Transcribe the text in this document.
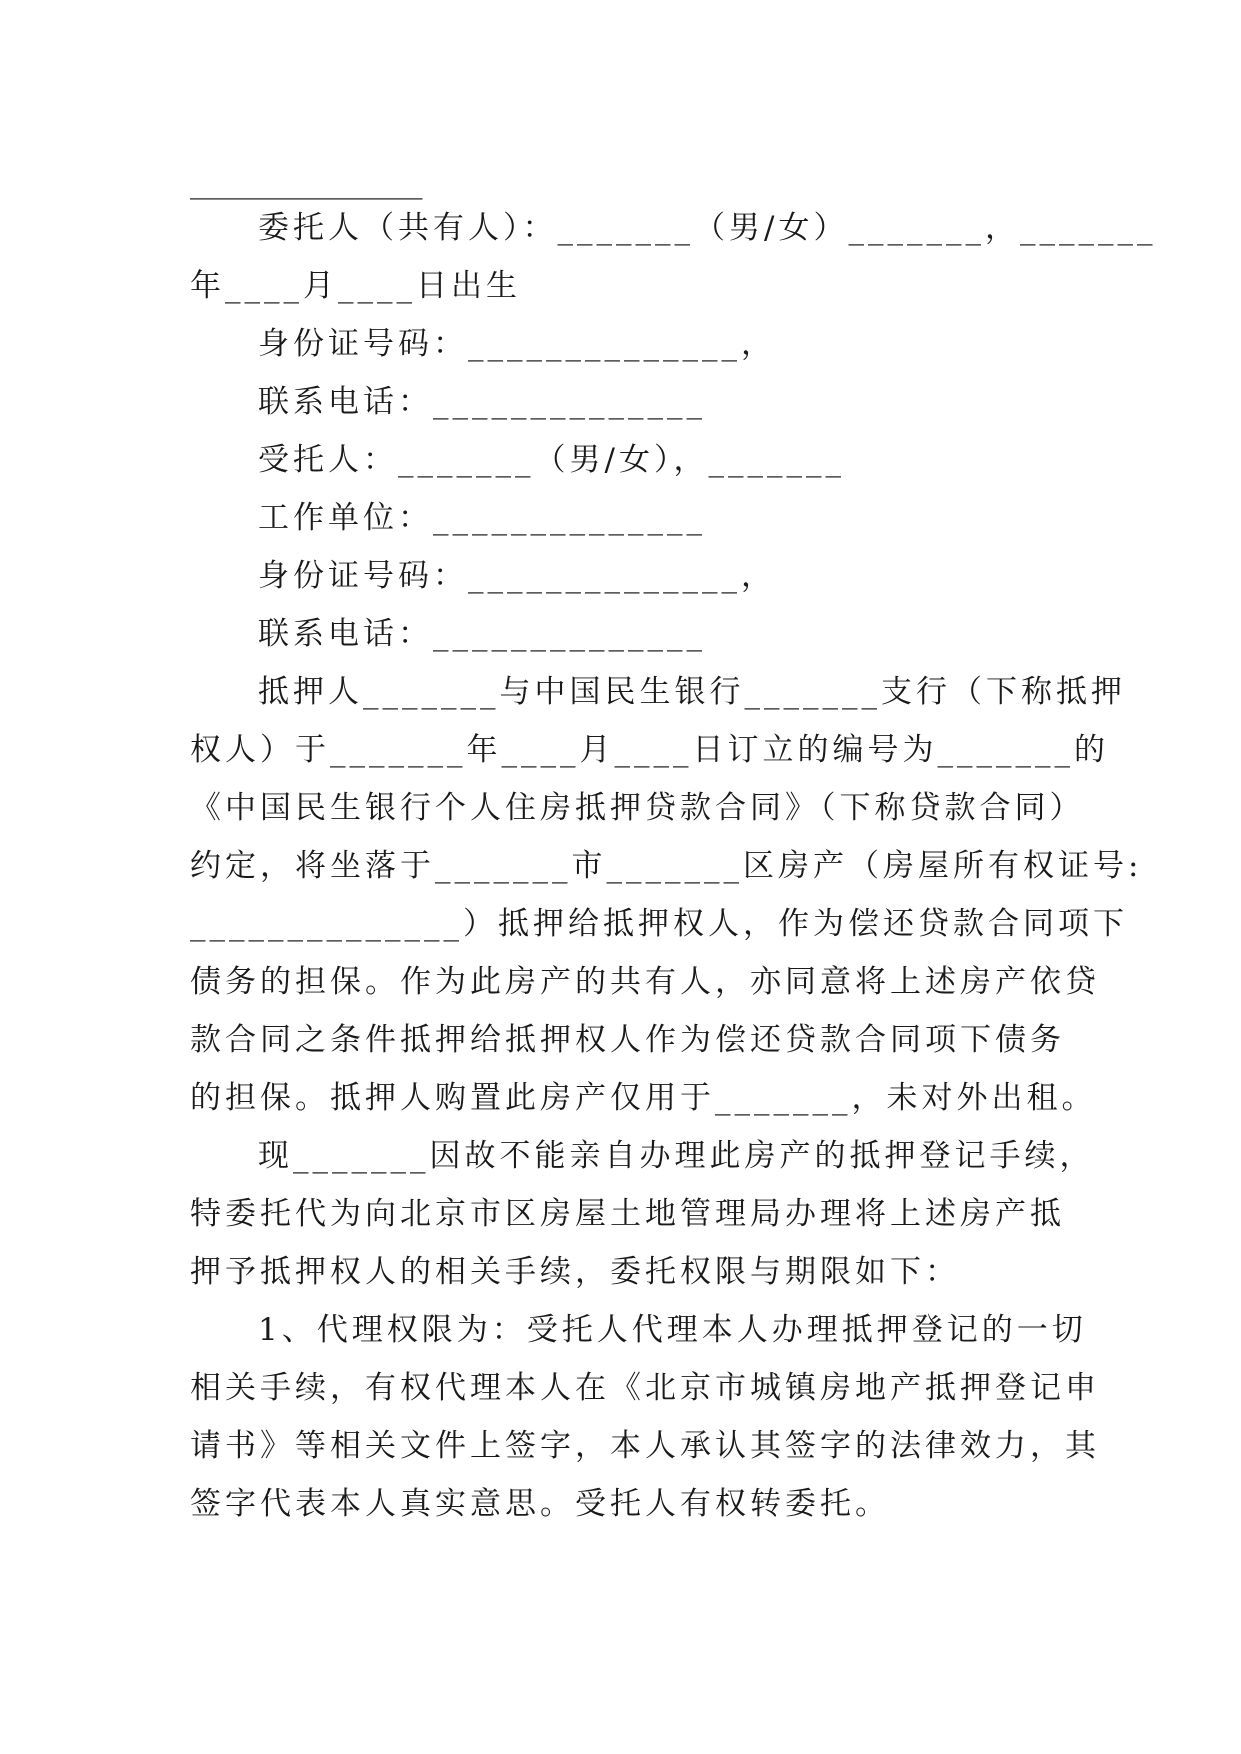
_______________
委托人（共有人）：_______（男/女）_______，_______
年____月____日出生
身份证号码：______________，
联系电话：______________
受托人：_______（男/女），_______
工作单位：______________
身份证号码：______________，
联系电话：______________
抵押人_______与中国民生银行_______支行（下称抵押
权人）于_______年____月____日订立的编号为_______的
《中国民生银行个人住房抵押贷款合同》（下称贷款合同）
约定，将坐落于_______市_______区房产（房屋所有权证号:
______________）抵押给抵押权人，作为偿还贷款合同项下
债务的担保。作为此房产的共有人，亦同意将上述房产依贷
款合同之条件抵押给抵押权人作为偿还贷款合同项下债务
的担保。抵押人购置此房产仅用于_______，未对外出租。
现_______因故不能亲自办理此房产的抵押登记手续，
特委托代为向北京市区房屋土地管理局办理将上述房产抵
押予抵押权人的相关手续，委托权限与期限如下：
1、代理权限为：受托人代理本人办理抵押登记的一切
相关手续，有权代理本人在《北京市城镇房地产抵押登记申
请书》等相关文件上签字，本人承认其签字的法律效力，其
签字代表本人真实意思。受托人有权转委托。
